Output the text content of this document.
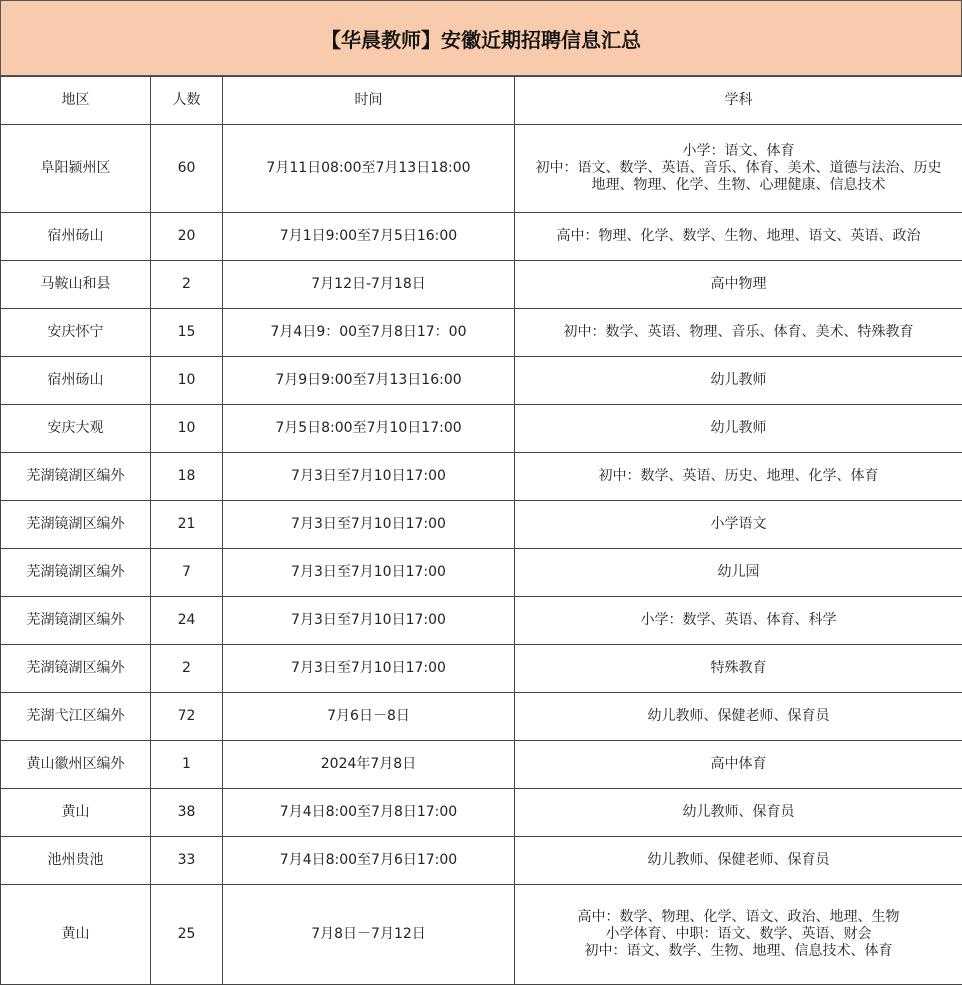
【华晨教师】安徽近期招聘信息汇总
地区	人数	时间	学科
阜阳颍州区	60	7月11日08:00至7月13日18:00	小学：语文、体育
初中：语文、数学、英语、音乐、体育、美术、道德与法治、历史
地理、物理、化学、生物、心理健康、信息技术

宿州砀山	20	7月1日9:00至7月5日16:00	高中：物理、化学、数学、生物、地理、语文、英语、政治

马鞍山和县	2	7月12日-7月18日	高中物理

安庆怀宁	15	7月4日9：00至7月8日17：00	初中：数学、英语、物理、音乐、体育、美术、特殊教育

宿州砀山	10	7月9日9:00至7月13日16:00	幼儿教师

安庆大观	10	7月5日8:00至7月10日17:00	幼儿教师

芜湖镜湖区编外	18	7月3日至7月10日17:00	初中：数学、英语、历史、地理、化学、体育

芜湖镜湖区编外	21	7月3日至7月10日17:00	小学语文

芜湖镜湖区编外	7	7月3日至7月10日17:00	幼儿园

芜湖镜湖区编外	24	7月3日至7月10日17:00	小学：数学、英语、体育、科学

芜湖镜湖区编外	2	7月3日至7月10日17:00	特殊教育

芜湖弋江区编外	72	7月6日－8日	幼儿教师、保健老师、保育员

黄山徽州区编外	1	2024年7月8日	高中体育

黄山	38	7月4日8:00至7月8日17:00	幼儿教师、保育员

池州贵池	33	7月4日8:00至7月6日17:00	幼儿教师、保健老师、保育员

黄山	25	7月8日－7月12日	高中：数学、物理、化学、语文、政治、地理、生物
小学体育、中职：语文、数学、英语、财会
初中：语文、数学、生物、地理、信息技术、体育
